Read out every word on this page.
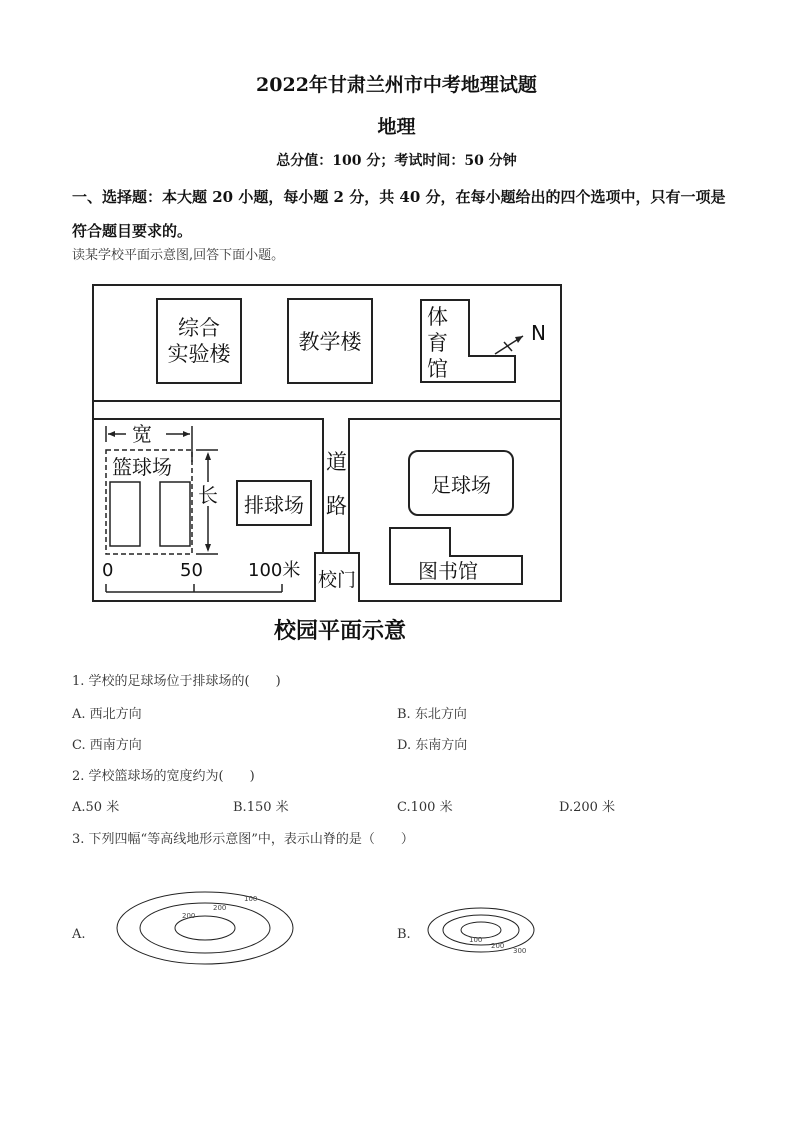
2022年甘肃兰州市中考地理试题
地理
总分值：100 分；考试时间：50 分钟
一、选择题：本大题 20 小题，每小题 2 分，共 40 分，在每小题给出的四个选项中，只有一项是符合题目要求的。
读某学校平面示意图,回答下面小题。
综合
实验楼	教学楼
体
育
馆
N
宽
篮球场
长
0	50	100米
排球场
道
路
校门
足球场
图书馆
校园平面示意
1. 学校的足球场位于排球场的(　　)
A. 西北方向	B. 东北方向
C. 西南方向	D. 东南方向
2. 学校篮球场的宽度约为(　　)
A.50 米	B.150 米	C.100 米	D.200 米
3. 下列四幅“等高线地形示意图”中，表示山脊的是（　　）
A.
100
200
200
B.	100
200
300
